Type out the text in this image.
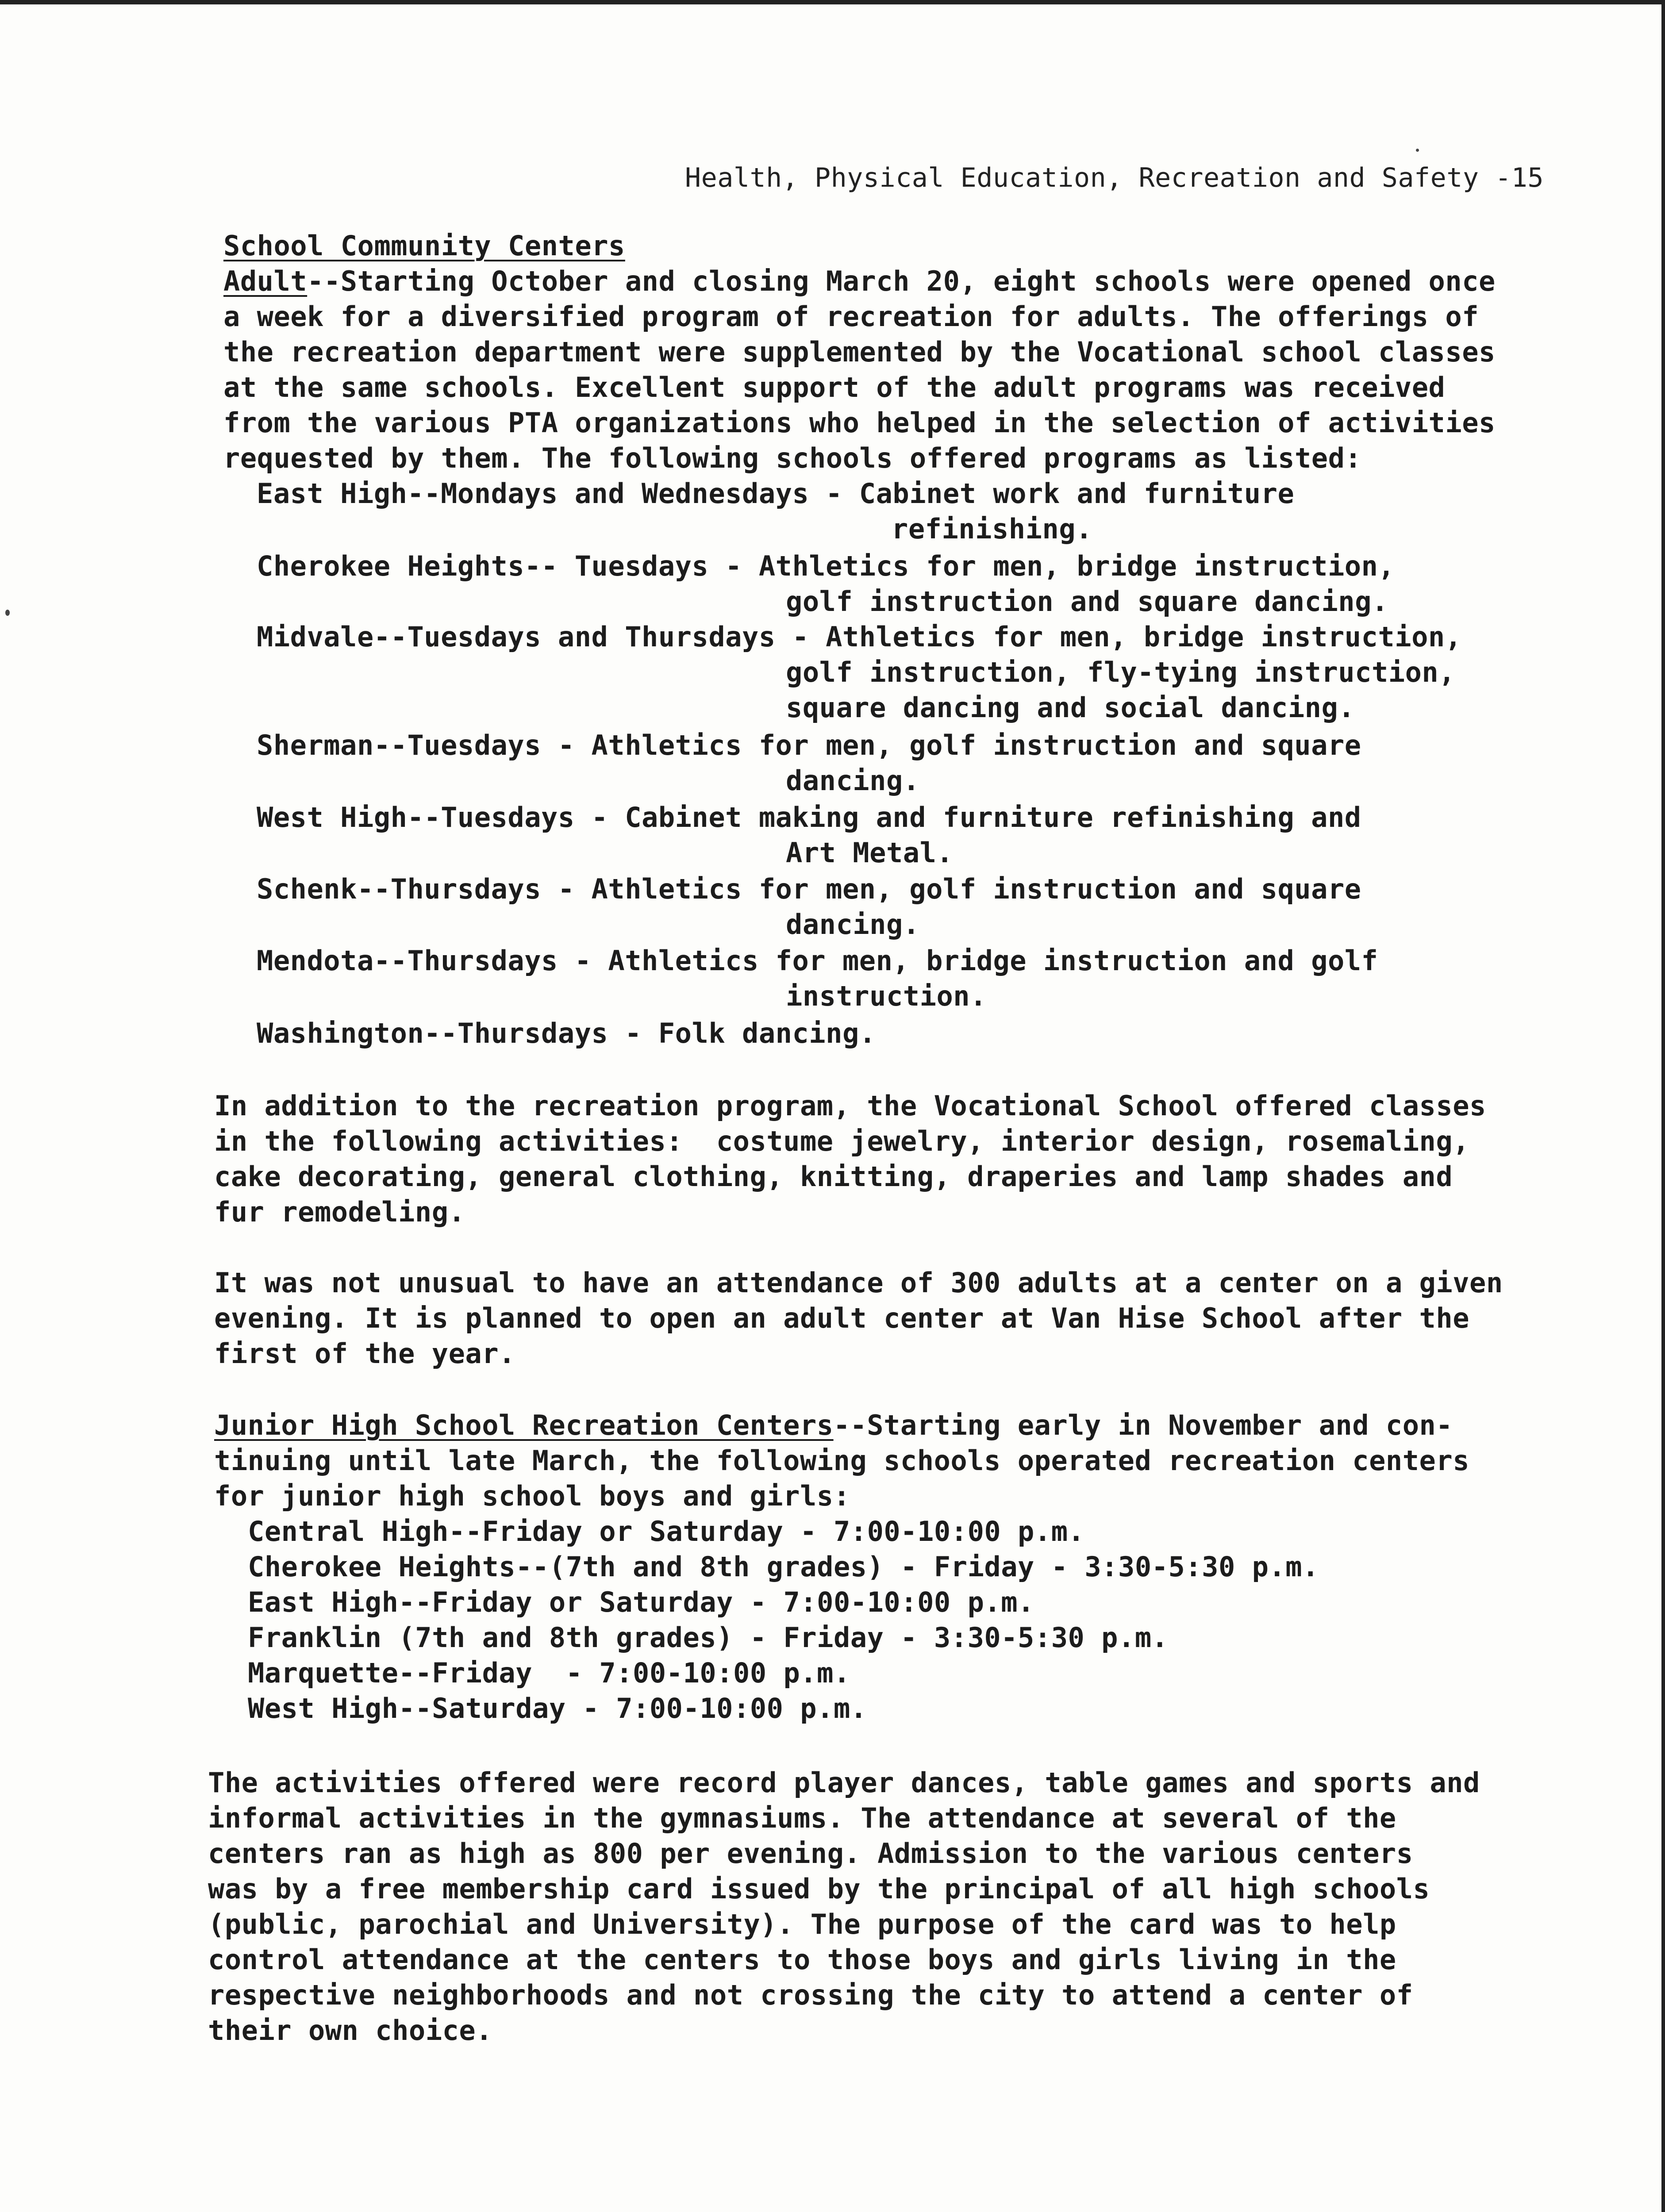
Health, Physical Education, Recreation and Safety -15
School Community Centers
Adult--Starting October and closing March 20, eight schools were opened once
a week for a diversified program of recreation for adults. The offerings of
the recreation department were supplemented by the Vocational school classes
at the same schools. Excellent support of the adult programs was received
from the various PTA organizations who helped in the selection of activities
requested by them. The following schools offered programs as listed:
East High--Mondays and Wednesdays - Cabinet work and furniture
refinishing.
Cherokee Heights-- Tuesdays - Athletics for men, bridge instruction,
golf instruction and square dancing.
Midvale--Tuesdays and Thursdays - Athletics for men, bridge instruction,
golf instruction, fly-tying instruction,
square dancing and social dancing.
Sherman--Tuesdays - Athletics for men, golf instruction and square
dancing.
West High--Tuesdays - Cabinet making and furniture refinishing and
Art Metal.
Schenk--Thursdays - Athletics for men, golf instruction and square
dancing.
Mendota--Thursdays - Athletics for men, bridge instruction and golf
instruction.
Washington--Thursdays - Folk dancing.
In addition to the recreation program, the Vocational School offered classes
in the following activities:  costume jewelry, interior design, rosemaling,
cake decorating, general clothing, knitting, draperies and lamp shades and
fur remodeling.
It was not unusual to have an attendance of 300 adults at a center on a given
evening. It is planned to open an adult center at Van Hise School after the
first of the year.
Junior High School Recreation Centers--Starting early in November and con-
tinuing until late March, the following schools operated recreation centers
for junior high school boys and girls:
Central High--Friday or Saturday - 7:00-10:00 p.m.
Cherokee Heights--(7th and 8th grades) - Friday - 3:30-5:30 p.m.
East High--Friday or Saturday - 7:00-10:00 p.m.
Franklin (7th and 8th grades) - Friday - 3:30-5:30 p.m.
Marquette--Friday  - 7:00-10:00 p.m.
West High--Saturday - 7:00-10:00 p.m.
The activities offered were record player dances, table games and sports and
informal activities in the gymnasiums. The attendance at several of the
centers ran as high as 800 per evening. Admission to the various centers
was by a free membership card issued by the principal of all high schools
(public, parochial and University). The purpose of the card was to help
control attendance at the centers to those boys and girls living in the
respective neighborhoods and not crossing the city to attend a center of
their own choice.
